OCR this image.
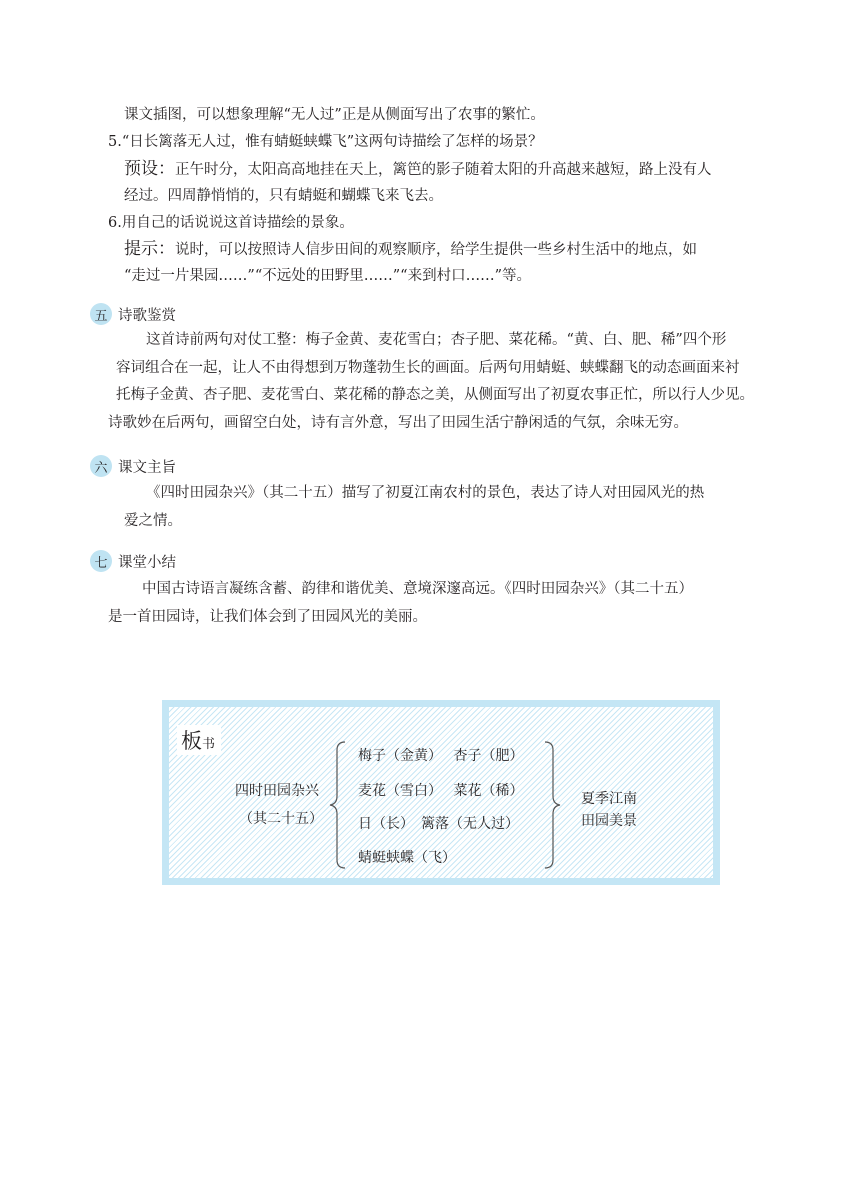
课文插图，可以想象理解“无人过”正是从侧面写出了农事的繁忙。
5.“日长篱落无人过，惟有蜻蜓蛱蝶飞”这两句诗描绘了怎样的场景？
预设：正午时分，太阳高高地挂在天上，篱笆的影子随着太阳的升高越来越短，路上没有人
经过。四周静悄悄的，只有蜻蜓和蝴蝶飞来飞去。
6.用自己的话说说这首诗描绘的景象。
提示：说时，可以按照诗人信步田间的观察顺序，给学生提供一些乡村生活中的地点，如
“走过一片果园……”“不远处的田野里……”“来到村口……”等。
五 诗歌鉴赏

这首诗前两句对仗工整：梅子金黄、麦花雪白；杏子肥、菜花稀。“黄、白、肥、稀”四个形

容词组合在一起，让人不由得想到万物蓬勃生长的画面。后两句用蜻蜓、蛱蝶翻飞的动态画面来衬

托梅子金黄、杏子肥、麦花雪白、菜花稀的静态之美，从侧面写出了初夏农事正忙，所以行人少见。

诗歌妙在后两句，画留空白处，诗有言外意，写出了田园生活宁静闲适的气氛，余味无穷。

六 课文主旨

《四时田园杂兴》（其二十五）描写了初夏江南农村的景色，表达了诗人对田园风光的热

爱之情。

七 课堂小结

中国古诗语言凝练含蓄、韵律和谐优美、意境深邃高远。《四时田园杂兴》（其二十五）

是一首田园诗，让我们体会到了田园风光的美丽。

板书
四时田园杂兴
（其二十五）
梅子（金黄）　 杏子（肥）
麦花（雪白）　 菜花（稀）
日（长）　篱落（无人过）
蜻蜓蛱蝶（飞）
夏季江南
田园美景
